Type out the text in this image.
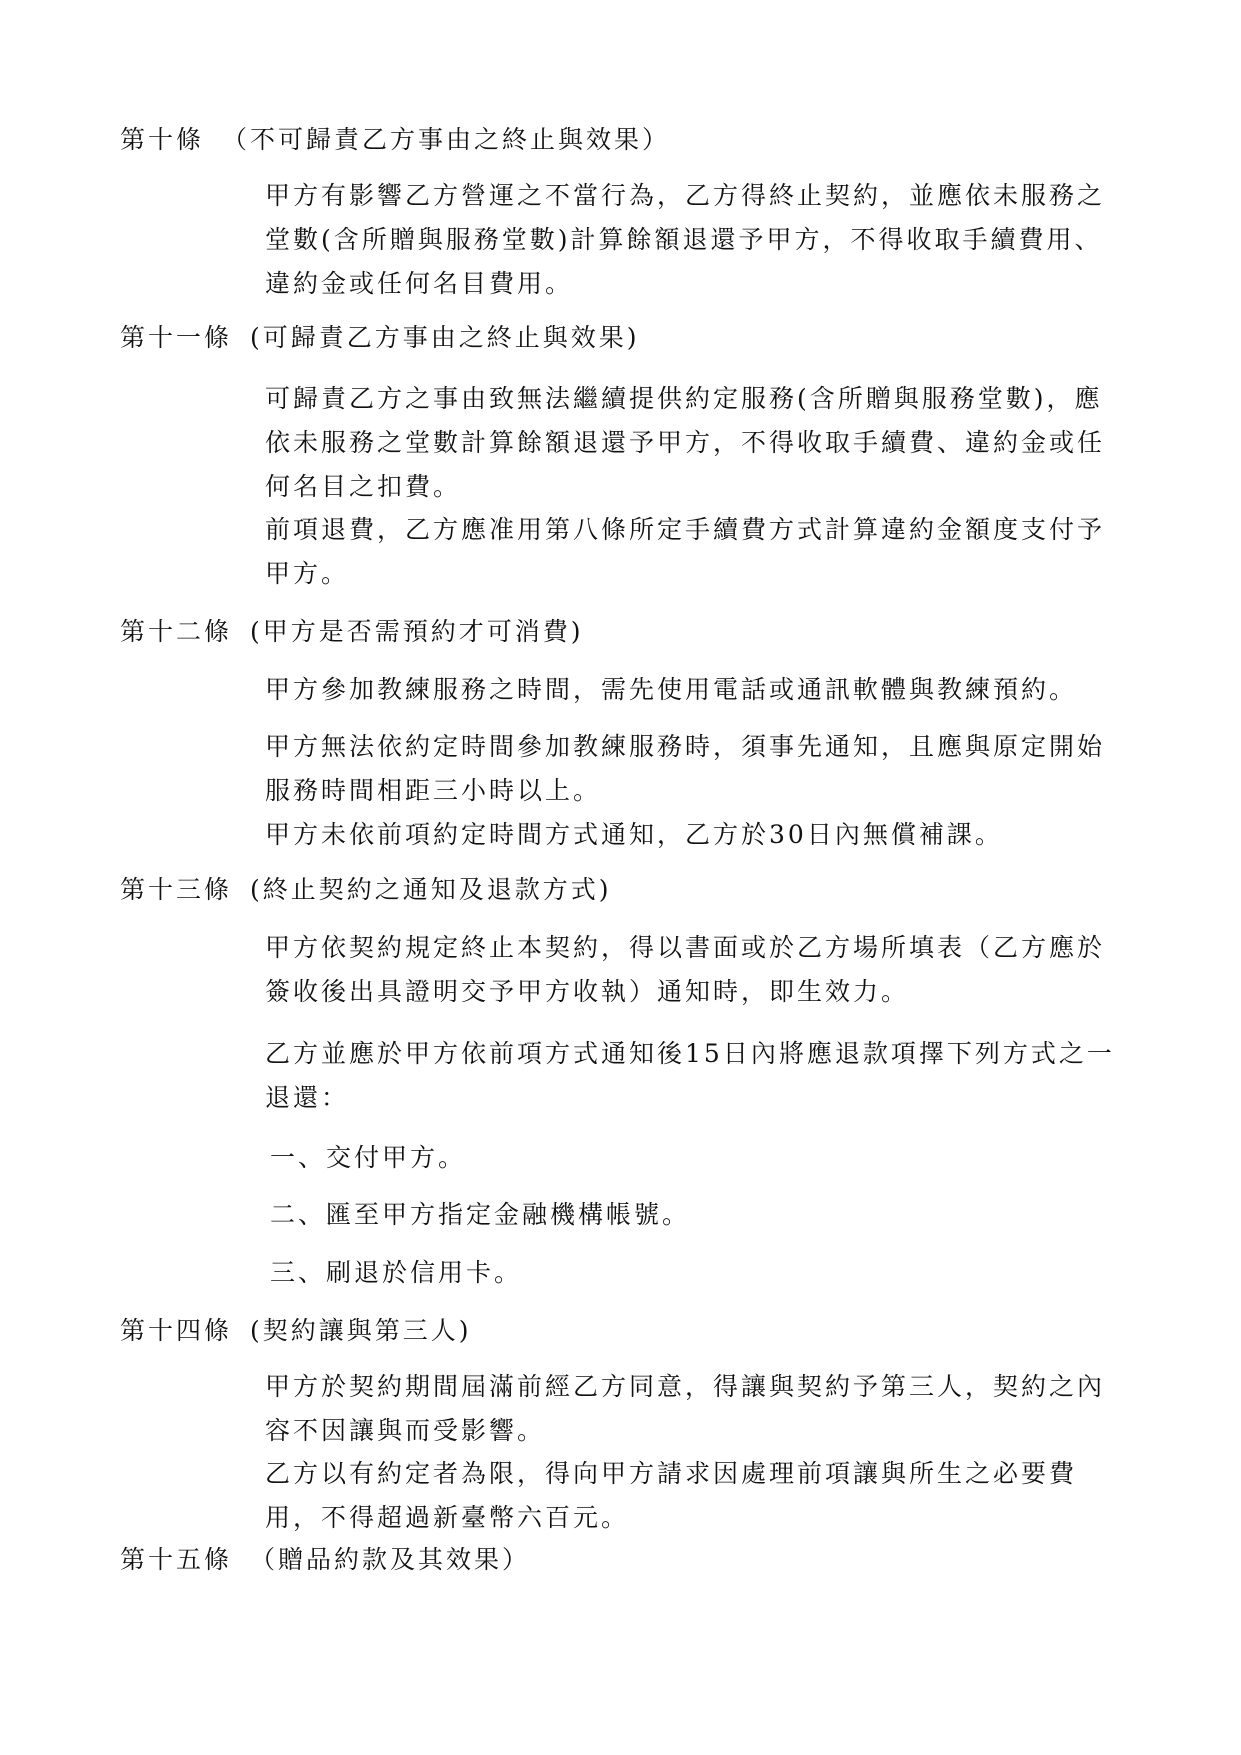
第十條 （不可歸責乙方事由之終止與效果）

甲方有影響乙方營運之不當行為，乙方得終止契約，並應依未服務之堂數(含所贈與服務堂數)計算餘額退還予甲方，不得收取手續費用、違約金或任何名目費用。

第十一條 (可歸責乙方事由之終止與效果)

可歸責乙方之事由致無法繼續提供約定服務(含所贈與服務堂數)，應依未服務之堂數計算餘額退還予甲方，不得收取手續費、違約金或任何名目之扣費。

前項退費，乙方應准用第八條所定手續費方式計算違約金額度支付予甲方。

第十二條 (甲方是否需預約才可消費)

甲方參加教練服務之時間，需先使用電話或通訊軟體與教練預約。

甲方無法依約定時間參加教練服務時，須事先通知，且應與原定開始服務時間相距三小時以上。

甲方未依前項約定時間方式通知，乙方於30日內無償補課。

第十三條 (終止契約之通知及退款方式)

甲方依契約規定終止本契約，得以書面或於乙方場所填表（乙方應於簽收後出具證明交予甲方收執）通知時，即生效力。

乙方並應於甲方依前項方式通知後15日內將應退款項擇下列方式之一退還：

一、交付甲方。
二、匯至甲方指定金融機構帳號。
三、刷退於信用卡。
第十四條 (契約讓與第三人)

甲方於契約期間屆滿前經乙方同意，得讓與契約予第三人，契約之內容不因讓與而受影響。

乙方以有約定者為限，得向甲方請求因處理前項讓與所生之必要費用，不得超過新臺幣六百元。

第十五條 （贈品約款及其效果）
